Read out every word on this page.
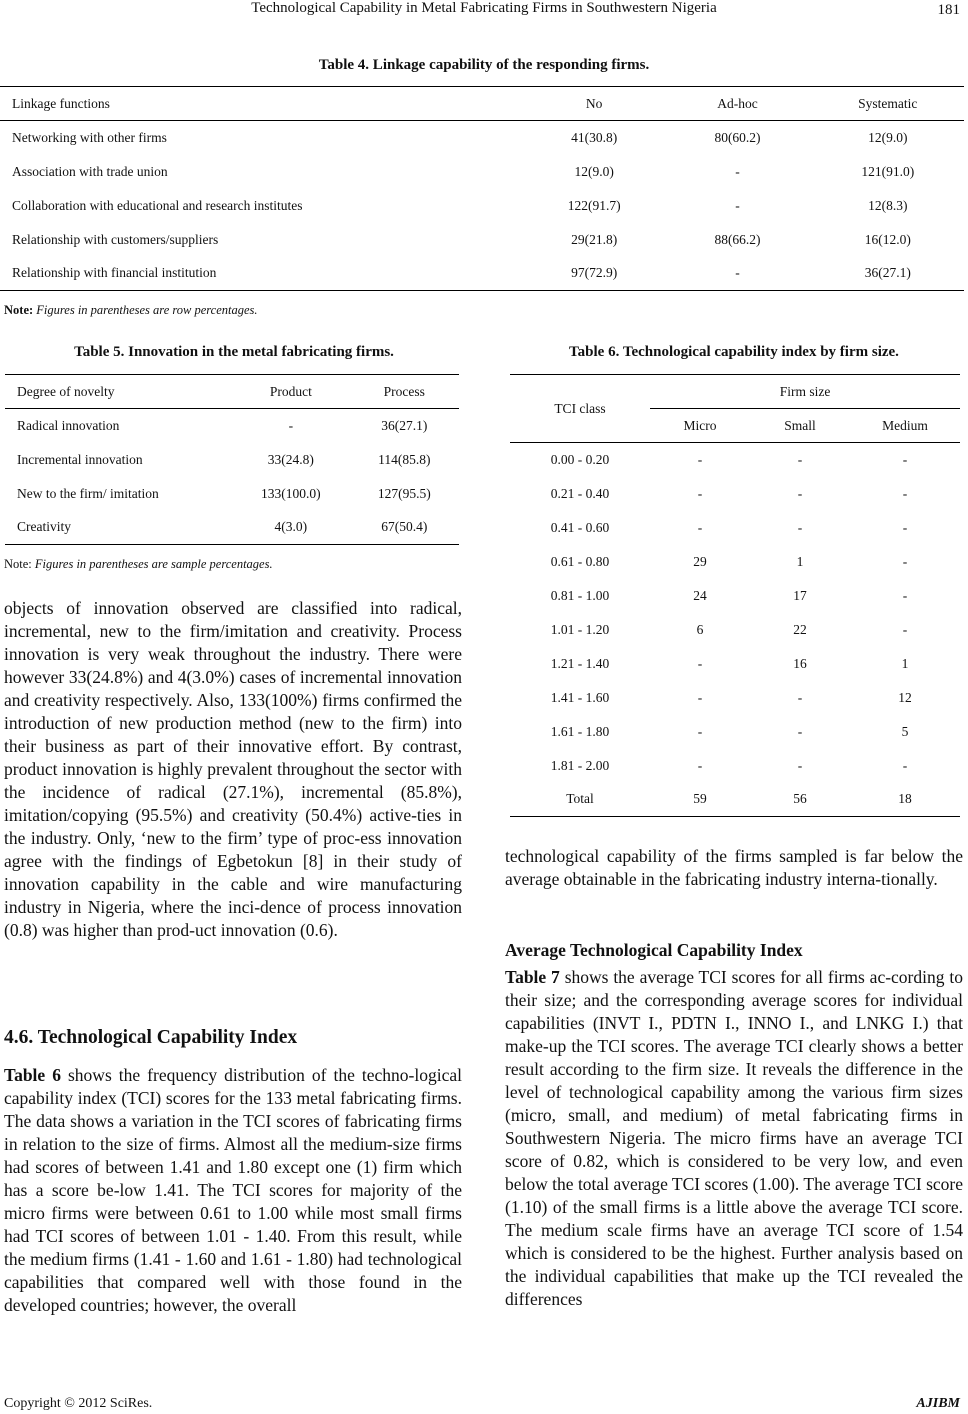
Technological Capability in Metal Fabricating Firms in Southwestern Nigeria	181
Table 4. Linkage capability of the responding firms.
Linkage functions	No	Ad-hoc	Systematic
Networking with other firms	41(30.8)	80(60.2)	12(9.0)
Association with trade union	12(9.0)	-	121(91.0)
Collaboration with educational and research institutes	122(91.7)	-	12(8.3)
Relationship with customers/suppliers	29(21.8)	88(66.2)	16(12.0)
Relationship with financial institution	97(72.9)	-	36(27.1)
Note: Figures in parentheses are row percentages.
Table 5. Innovation in the metal fabricating firms.
Degree of novelty	Product	Process
Radical innovation	-	36(27.1)
Incremental innovation	33(24.8)	114(85.8)
New to the firm/ imitation	133(100.0)	127(95.5)
Creativity	4(3.0)	67(50.4)
Note: Figures in parentheses are sample percentages.
Table 6. Technological capability index by firm size.
TCI class	Firm size		
	Micro	Small	Medium
0.00 - 0.20	-	-	-
0.21 - 0.40	-	-	-
0.41 - 0.60	-	-	-
0.61 - 0.80	29	1	-
0.81 - 1.00	24	17	-
1.01 - 1.20	6	22	-
1.21 - 1.40	-	16	1
1.41 - 1.60	-	-	12
1.61 - 1.80	-	-	5
1.81 - 2.00	-	-	-
Total	59	56	18
objects of innovation observed are classified into radical, incremental, new to the firm/imitation and creativity. Process innovation is very weak throughout the industry. There were however 33(24.8%) and 4(3.0%) cases of incremental innovation and creativity respectively. Also, 133(100%) firms confirmed the introduction of new production method (new to the firm) into their business as part of their innovative effort. By contrast, product innovation is highly prevalent throughout the sector with the incidence of radical (27.1%), incremental (85.8%), imitation/copying (95.5%) and creativity (50.4%) active-ties in the industry. Only, ‘new to the firm’ type of proc-ess innovation agree with the findings of Egbetokun [8] in their study of innovation capability in the cable and wire manufacturing industry in Nigeria, where the inci-dence of process innovation (0.8) was higher than prod-uct innovation (0.6).
4.6. Technological Capability Index
Table 6 shows the frequency distribution of the techno-logical capability index (TCI) scores for the 133 metal fabricating firms. The data shows a variation in the TCI scores of fabricating firms in relation to the size of firms. Almost all the medium-size firms had scores of between 1.41 and 1.80 except one (1) firm which has a score be-low 1.41. The TCI scores for majority of the micro firms were between 0.61 to 1.00 while most small firms had TCI scores of between 1.01 - 1.40. From this result, while the medium firms (1.41 - 1.60 and 1.61 - 1.80) had technological capabilities that compared well with those found in the developed countries; however, the overall
technological capability of the firms sampled is far below the average obtainable in the fabricating industry interna-tionally.
Average Technological Capability Index
Table 7 shows the average TCI scores for all firms ac-cording to their size; and the corresponding average scores for individual capabilities (INVT I., PDTN I., INNO I., and LNKG I.) that make-up the TCI scores. The average TCI clearly shows a better result according to the firm size. It reveals the difference in the level of technological capability among the various firm sizes (micro, small, and medium) of metal fabricating firms in Southwestern Nigeria. The micro firms have an average TCI score of 0.82, which is considered to be very low, and even below the total average TCI scores (1.00). The average TCI score (1.10) of the small firms is a little above the average TCI score. The medium scale firms have an average TCI score of 1.54 which is considered to be the highest. Further analysis based on the individual capabilities that make up the TCI revealed the differences
Copyright © 2012 SciRes.	AJIBM
